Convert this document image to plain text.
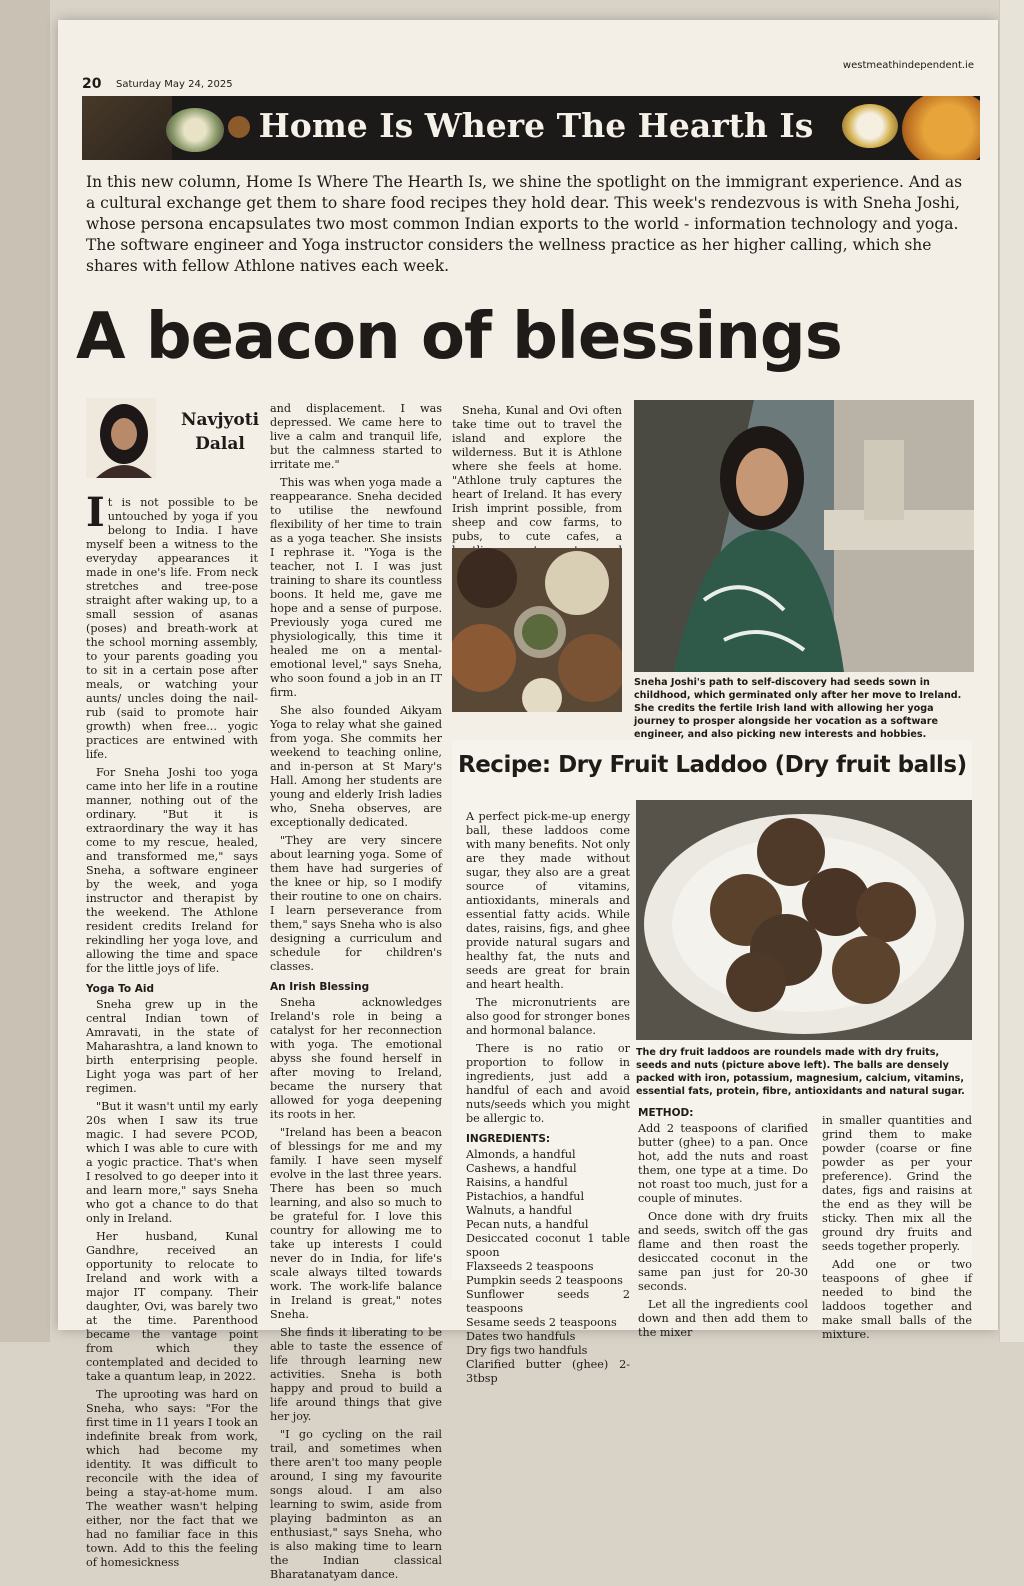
20 Saturday May 24, 2025
westmeathindependent.ie
Home Is Where The Hearth Is

In this new column, Home Is Where The Hearth Is, we shine the spotlight on the immigrant experience. And as a cultural exchange get them to share food recipes they hold dear. This week's rendezvous is with Sneha Joshi, whose persona encapsulates two most common Indian exports to the world - information technology and yoga. The software engineer and Yoga instructor considers the wellness practice as her higher calling, which she shares with fellow Athlone natives each week.

A beacon of blessings
Navjyoti
Dalal

It is not possible to be untouched by yoga if you belong to India. I have myself been a witness to the everyday appearances it made in one's life. From neck stretches and tree-pose straight after waking up, to a small session of asanas (poses) and breath-work at the school morning assembly, to your parents goading you to sit in a certain pose after meals, or watching your aunts/ uncles doing the nail-rub (said to promote hair growth) when free... yogic practices are entwined with life.

For Sneha Joshi too yoga came into her life in a routine manner, nothing out of the ordinary. "But it is extraordinary the way it has come to my rescue, healed, and transformed me," says Sneha, a software engineer by the week, and yoga instructor and therapist by the weekend. The Athlone resident credits Ireland for rekindling her yoga love, and allowing the time and space for the little joys of life.

Yoga To Aid

Sneha grew up in the central Indian town of Amravati, in the state of Maharashtra, a land known to birth enterprising people. Light yoga was part of her regimen.

"But it wasn't until my early 20s when I saw its true magic. I had severe PCOD, which I was able to cure with a yogic practice. That's when I resolved to go deeper into it and learn more," says Sneha who got a chance to do that only in Ireland.

Her husband, Kunal Gandhre, received an opportunity to relocate to Ireland and work with a major IT company. Their daughter, Ovi, was barely two at the time. Parenthood became the vantage point from which they contemplated and decided to take a quantum leap, in 2022.

The uprooting was hard on Sneha, who says: "For the first time in 11 years I took an indefinite break from work, which had become my identity. It was difficult to reconcile with the idea of being a stay-at-home mum. The weather wasn't helping either, nor the fact that we had no familiar face in this town. Add to this the feeling of homesickness

and displacement. I was depressed. We came here to live a calm and tranquil life, but the calmness started to irritate me."

This was when yoga made a reappearance. Sneha decided to utilise the newfound flexibility of her time to train as a yoga teacher. She insists I rephrase it. "Yoga is the teacher, not I. I was just training to share its countless boons. It held me, gave me hope and a sense of purpose. Previously yoga cured me physiologically, this time it healed me on a mental-emotional level," says Sneha, who soon found a job in an IT firm.

She also founded Aikyam Yoga to relay what she gained from yoga. She commits her weekend to teaching online, and in-person at St Mary's Hall. Among her students are young and elderly Irish ladies who, Sneha observes, are exceptionally dedicated.

"They are very sincere about learning yoga. Some of them have had surgeries of the knee or hip, so I modify their routine to one on chairs. I learn perseverance from them," says Sneha who is also designing a curriculum and schedule for children's classes.

An Irish Blessing

Sneha acknowledges Ireland's role in being a catalyst for her reconnection with yoga. The emotional abyss she found herself in after moving to Ireland, became the nursery that allowed for yoga deepening its roots in her.

"Ireland has been a beacon of blessings for me and my family. I have seen myself evolve in the last three years. There has been so much learning, and also so much to be grateful for. I love this country for allowing me to take up interests I could never do in India, for life's scale always tilted towards work. The work-life balance in Ireland is great," notes Sneha.

She finds it liberating to be able to taste the essence of life through learning new activities. Sneha is both happy and proud to build a life around things that give her joy.

"I go cycling on the rail trail, and sometimes when there aren't too many people around, I sing my favourite songs aloud. I am also learning to swim, aside from playing badminton as an enthusiast," says Sneha, who is also making time to learn the Indian classical Bharatanatyam dance.

Sneha, Kunal and Ovi often take time out to travel the island and explore the wilderness. But it is Athlone where she feels at home. "Athlone truly captures the heart of Ireland. It has every Irish imprint possible, from sheep and cow farms, to pubs, to cute cafes, a

Sneha Joshi's path to self-discovery had seeds sown in childhood, which germinated only after her move to Ireland. She credits the fertile Irish land with allowing her yoga journey to prosper alongside her vocation as a software engineer, and also picking new interests and hobbies.
Recipe: Dry Fruit Laddoo (Dry fruit balls)

A perfect pick-me-up energy ball, these laddoos come with many benefits. Not only are they made without sugar, they also are a great source of vitamins, antioxidants, minerals and essential fatty acids. While dates, raisins, figs, and ghee provide natural sugars and healthy fat, the nuts and seeds are great for brain and heart health.

The micronutrients are also good for stronger bones and hormonal balance.

There is no ratio or proportion to follow in ingredients, just add a handful of each and avoid nuts/seeds which you might be allergic to.

INGREDIENTS:
Almonds, a handful
Cashews, a handful
Raisins, a handful
Pistachios, a handful
Walnuts, a handful
Pecan nuts, a handful
Desiccated coconut 1 table spoon
Flaxseeds 2 teaspoons
Pumpkin seeds 2 teaspoons
Sunflower seeds 2 teaspoons
Sesame seeds 2 teaspoons
Dates two handfuls
Dry figs two handfuls
Clarified butter (ghee) 2-3tbsp
The dry fruit laddoos are roundels made with dry fruits, seeds and nuts (picture above left). The balls are densely packed with iron, potassium, magnesium, calcium, vitamins, essential fats, protein, fibre, antioxidants and natural sugar.
METHOD:

Add 2 teaspoons of clarified butter (ghee) to a pan. Once hot, add the nuts and roast them, one type at a time. Do not roast too much, just for a couple of minutes.

Once done with dry fruits and seeds, switch off the gas flame and then roast the desiccated coconut in the same pan just for 20-30 seconds.

Let all the ingredients cool down and then add them to the mixer

in smaller quantities and grind them to make powder (coarse or fine powder as per your preference). Grind the dates, figs and raisins at the end as they will be sticky. Then mix all the ground dry fruits and seeds together properly.

Add one or two teaspoons of ghee if needed to bind the laddoos together and make small balls of the mixture.
